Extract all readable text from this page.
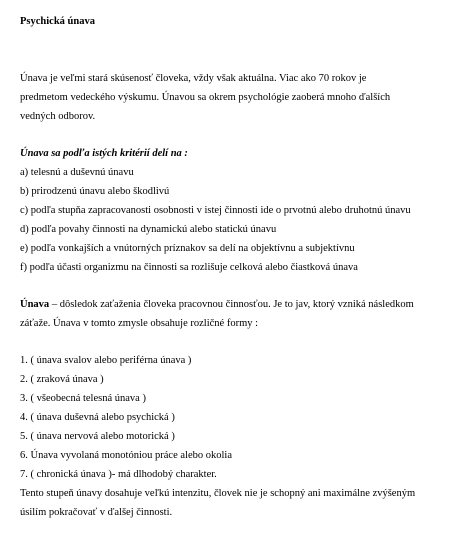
Psychická únava
Únava je veľmi stará skúsenosť človeka, vždy však aktuálna. Viac ako 70 rokov je
predmetom vedeckého výskumu. Únavou sa okrem psychológie zaoberá mnoho ďalších
vedných odborov.
Únava sa podľa istých kritérií delí na :
a) telesnú a duševnú únavu
b) prirodzenú únavu alebo škodlivú
c) podľa stupňa zapracovanosti osobnosti v istej činnosti ide o prvotnú alebo druhotnú únavu
d) podľa povahy činnosti na dynamickú alebo statickú únavu
e) podľa vonkajších a vnútorných príznakov sa delí na objektívnu a subjektívnu
f) podľa účasti organizmu na činnosti sa rozlišuje celková alebo čiastková únava
Únava – dôsledok zaťaženia človeka pracovnou činnosťou. Je to jav, ktorý vzniká následkom
záťaže. Únava v tomto zmysle obsahuje rozličné formy :
1. ( únava svalov alebo periférna únava )
2. ( zraková únava )
3. ( všeobecná telesná únava )
4. ( únava duševná alebo psychická )
5. ( únava nervová alebo motorická )
6. Únava vyvolaná monotóniou práce alebo okolia
7. ( chronická únava )- má dlhodobý charakter.
Tento stupeň únavy dosahuje veľkú intenzitu, človek nie je schopný ani maximálne zvýšeným
úsilím pokračovať v ďalšej činnosti.
